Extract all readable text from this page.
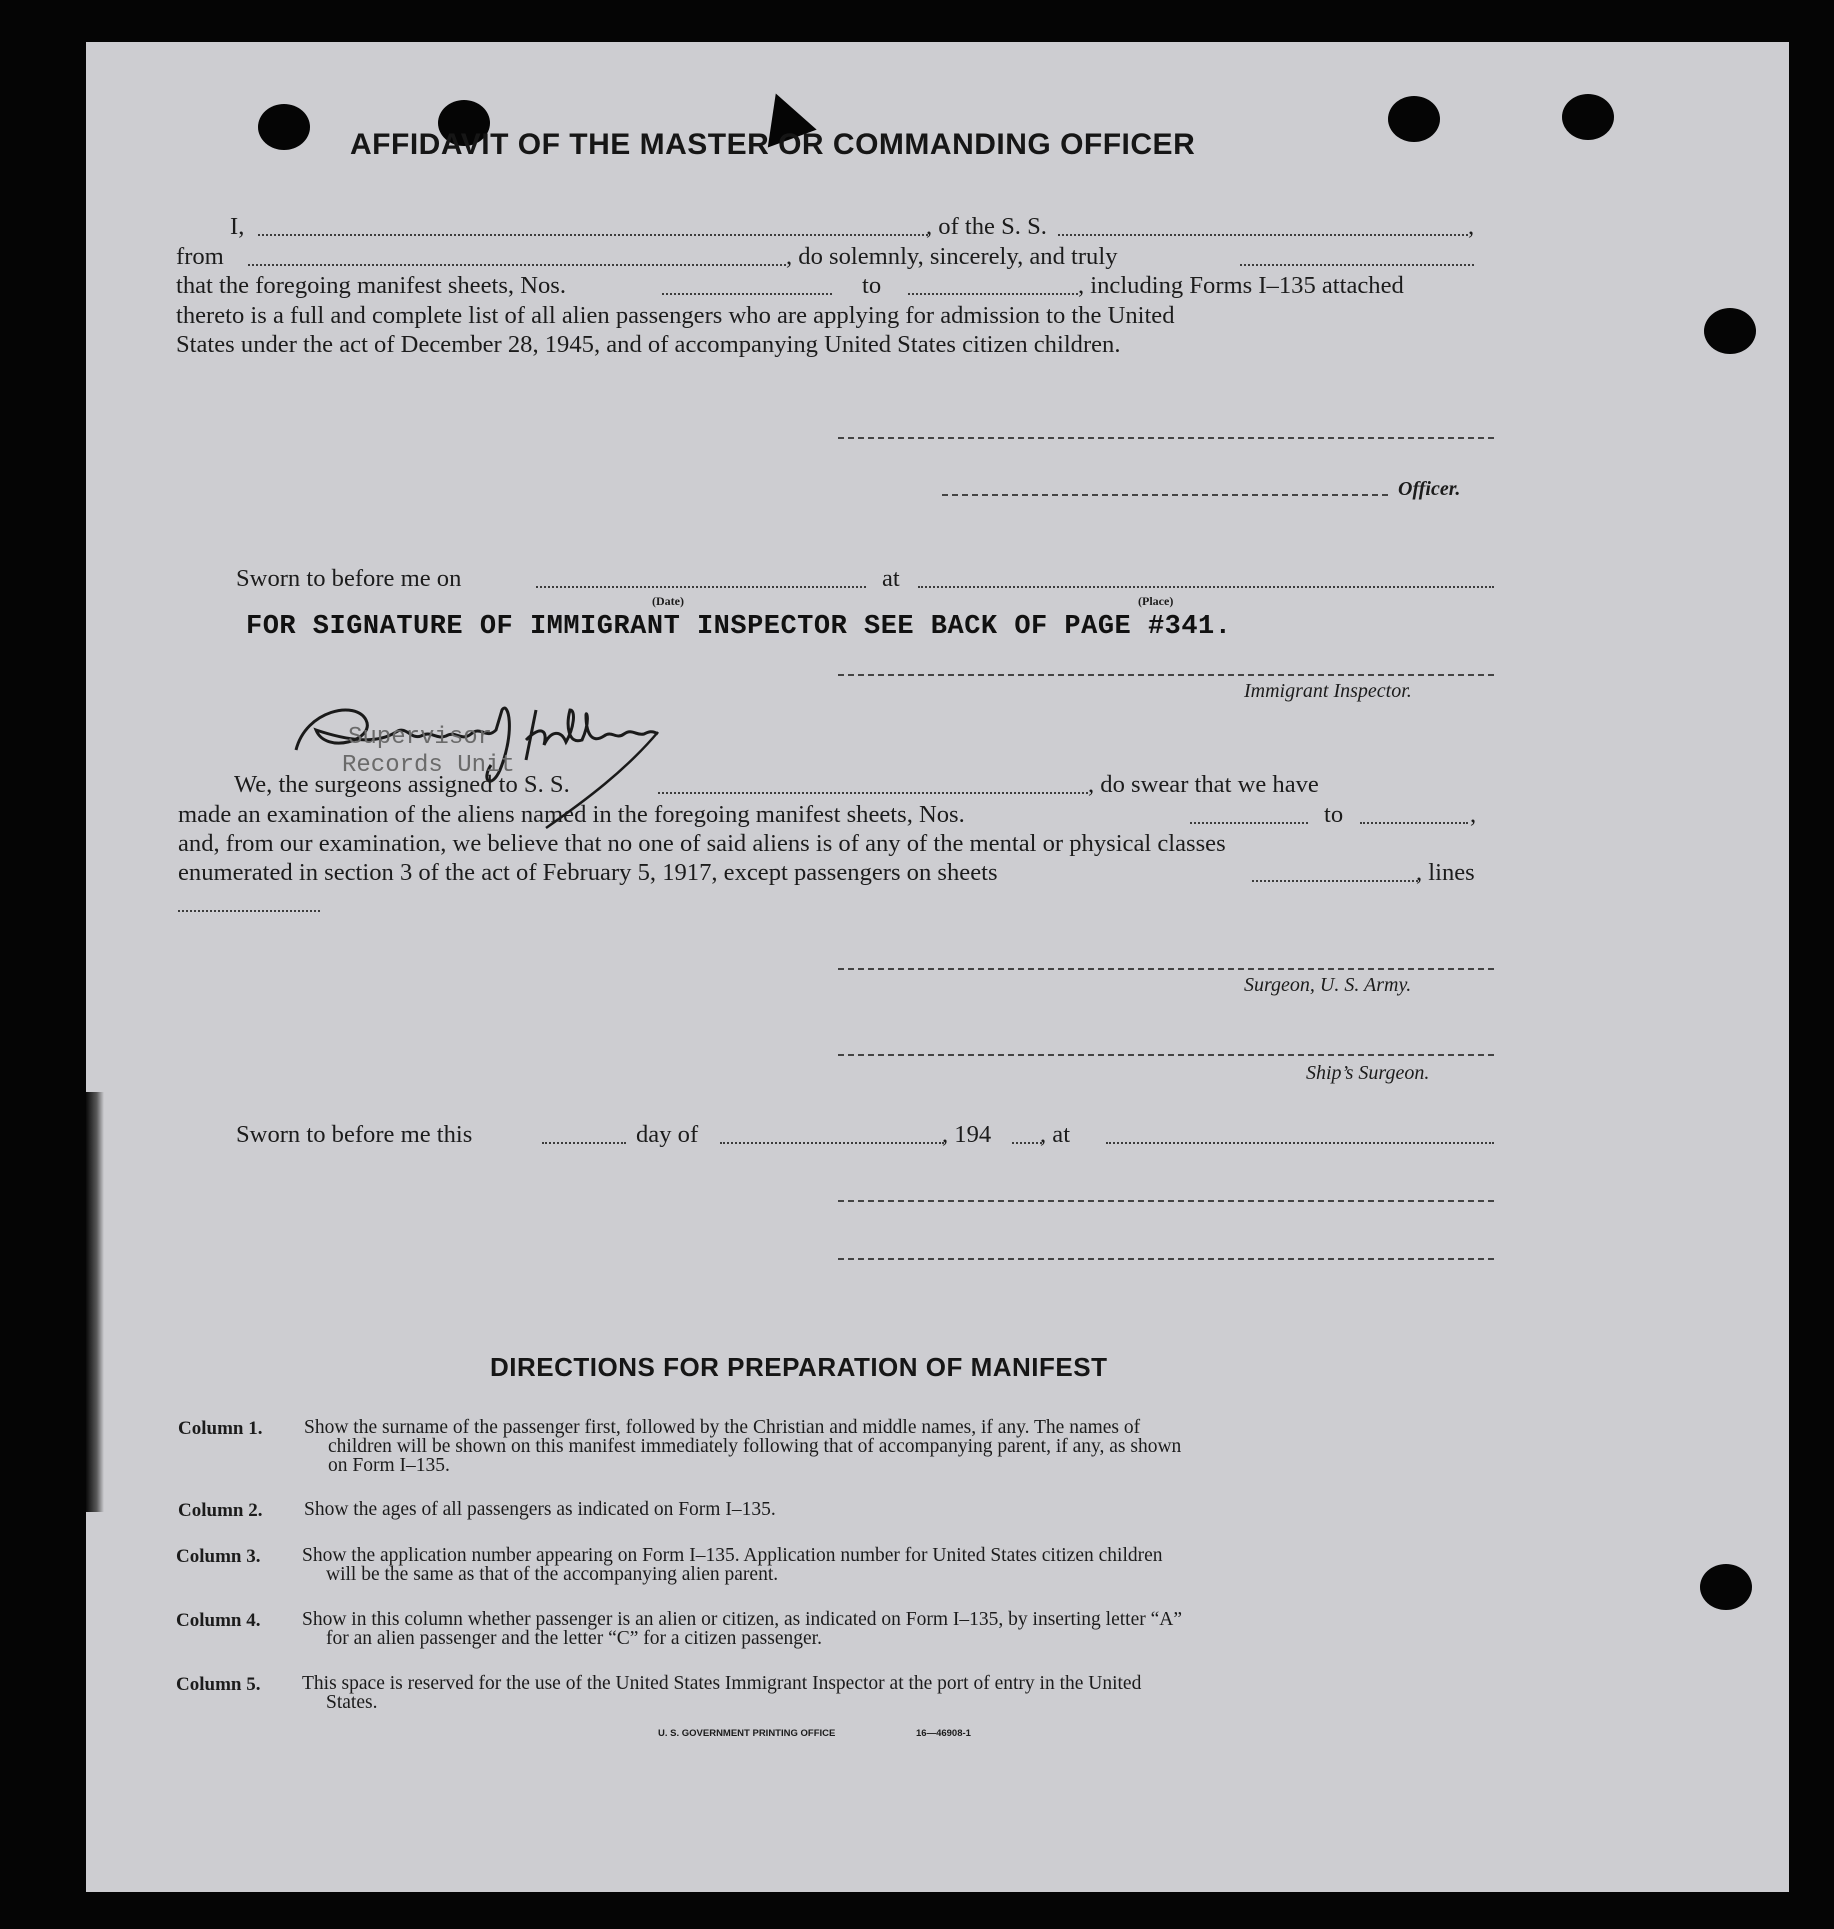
AFFIDAVIT OF THE MASTER OR COMMANDING OFFICER
I,	, of the S. S.	,
from	, do solemnly, sincerely, and truly
that the foregoing manifest sheets, Nos.	to	, including Forms I–135 attached
thereto is a full and complete list of all alien passengers who are applying for admission to the United
States under the act of December 28, 1945, and of accompanying United States citizen children.
Officer.
Sworn to before me on	at
(Date)	(Place)
FOR SIGNATURE OF IMMIGRANT INSPECTOR SEE BACK OF PAGE #341.
Immigrant Inspector.
Supervisor
Records Unit
We, the surgeons assigned to S. S.	, do swear that we have
made an examination of the aliens named in the foregoing manifest sheets, Nos.	to	,
and, from our examination, we believe that no one of said aliens is of any of the mental or physical classes
enumerated in section 3 of the act of February 5, 1917, except passengers on sheets	, lines
Surgeon, U. S. Army.
Ship’s Surgeon.
Sworn to before me this	day of	, 194 , at
DIRECTIONS FOR PREPARATION OF MANIFEST
Column 1. Show the surname of the passenger first, followed by the Christian and middle names, if any. The names of
children will be shown on this manifest immediately following that of accompanying parent, if any, as shown
on Form I–135.
Column 2. Show the ages of all passengers as indicated on Form I–135.
Column 3. Show the application number appearing on Form I–135. Application number for United States citizen children
will be the same as that of the accompanying alien parent.
Column 4. Show in this column whether passenger is an alien or citizen, as indicated on Form I–135, by inserting letter “A”
for an alien passenger and the letter “C” for a citizen passenger.
Column 5. This space is reserved for the use of the United States Immigrant Inspector at the port of entry in the United
States.
U. S. GOVERNMENT PRINTING OFFICE	16—46908-1
